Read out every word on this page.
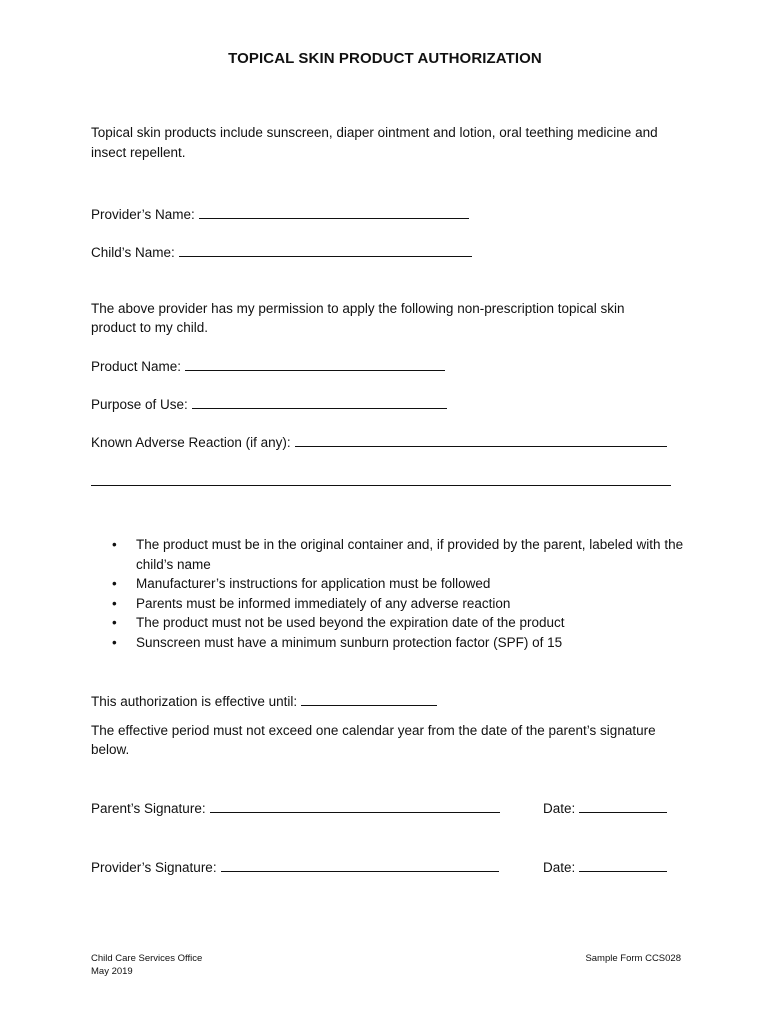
TOPICAL SKIN PRODUCT AUTHORIZATION
Topical skin products include sunscreen, diaper ointment and lotion, oral teething medicine and
insect repellent.
Provider’s Name:
Child’s Name:
The above provider has my permission to apply the following non-prescription topical skin
product to my child.
Product Name:
Purpose of Use:
Known Adverse Reaction (if any):
• The product must be in the original container and, if provided by the parent, labeled with the child’s name
• Manufacturer’s instructions for application must be followed
• Parents must be informed immediately of any adverse reaction
• The product must not be used beyond the expiration date of the product
• Sunscreen must have a minimum sunburn protection factor (SPF) of 15
This authorization is effective until:
The effective period must not exceed one calendar year from the date of the parent’s signature
below.
Parent’s Signature:	Date:
Provider’s Signature:	Date:
Child Care Services Office
May 2019
Sample Form CCS028
